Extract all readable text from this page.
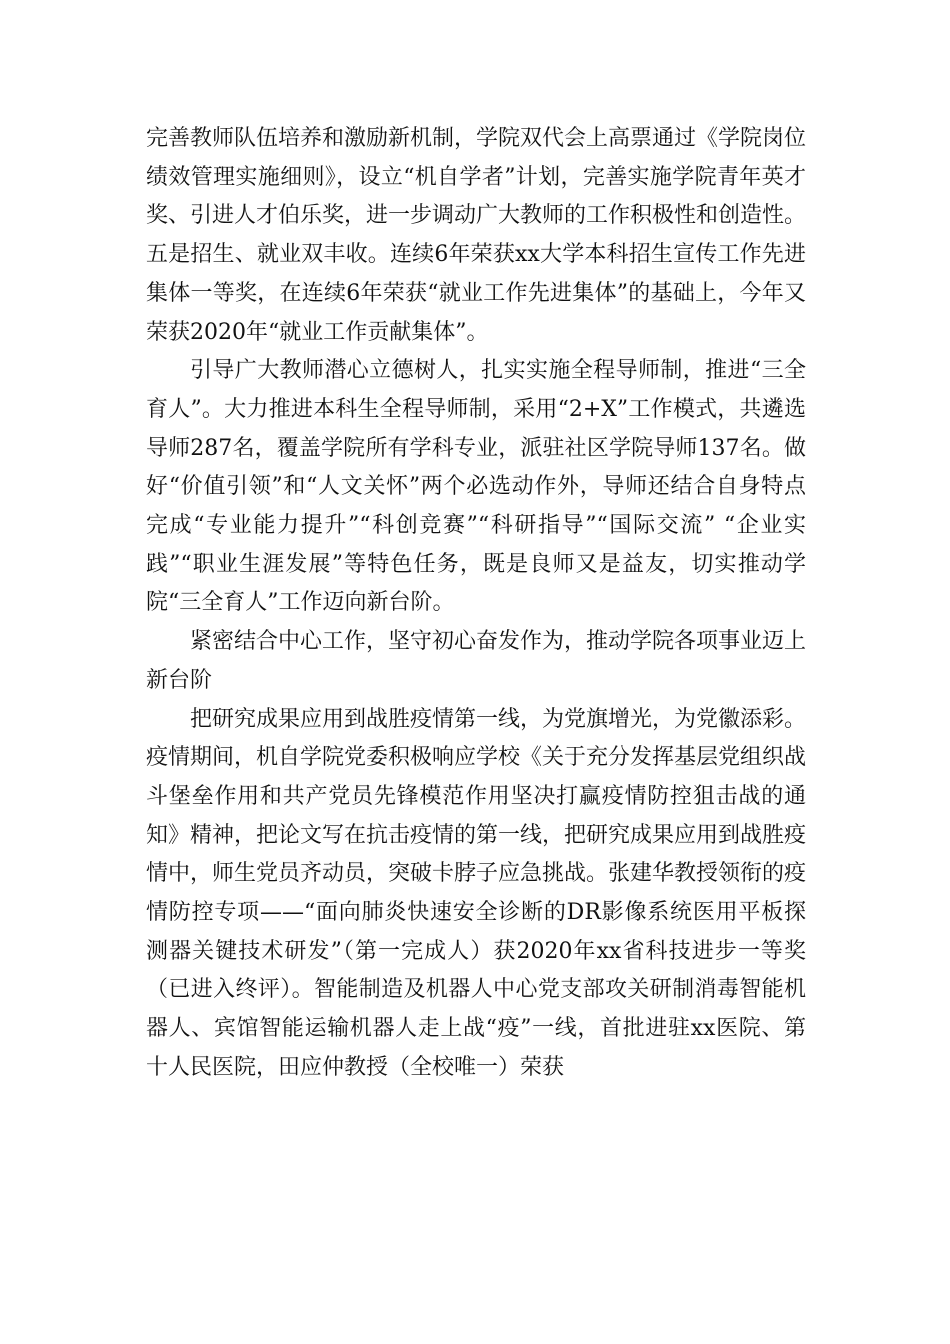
完善教师队伍培养和激励新机制，学院双代会上高票通过《学院岗位绩效管理实施细则》，设立“机自学者”计划，完善实施学院青年英才奖、引进人才伯乐奖，进一步调动广大教师的工作积极性和创造性。五是招生、就业双丰收。连续6年荣获xx大学本科招生宣传工作先进集体一等奖，在连续6年荣获“就业工作先进集体”的基础上，今年又荣获2020年“就业工作贡献集体”。

引导广大教师潜心立德树人，扎实实施全程导师制，推进“三全育人”。大力推进本科生全程导师制，采用“2+X”工作模式，共遴选导师287名，覆盖学院所有学科专业，派驻社区学院导师137名。做好“价值引领”和“人文关怀”两个必选动作外，导师还结合自身特点完成“专业能力提升”“科创竞赛”“科研指导”“国际交流” “企业实践”“职业生涯发展”等特色任务，既是良师又是益友，切实推动学院“三全育人”工作迈向新台阶。

紧密结合中心工作，坚守初心奋发作为，推动学院各项事业迈上新台阶

把研究成果应用到战胜疫情第一线，为党旗增光，为党徽添彩。疫情期间，机自学院党委积极响应学校《关于充分发挥基层党组织战斗堡垒作用和共产党员先锋模范作用坚决打赢疫情防控狙击战的通知》精神，把论文写在抗击疫情的第一线，把研究成果应用到战胜疫情中，师生党员齐动员，突破卡脖子应急挑战。张建华教授领衔的疫情防控专项——“面向肺炎快速安全诊断的DR影像系统医用平板探测器关键技术研发”（第一完成人）获2020年xx省科技进步一等奖（已进入终评）。智能制造及机器人中心党支部攻关研制消毒智能机器人、宾馆智能运输机器人走上战“疫”一线，首批进驻xx医院、第十人民医院，田应仲教授（全校唯一）荣获
